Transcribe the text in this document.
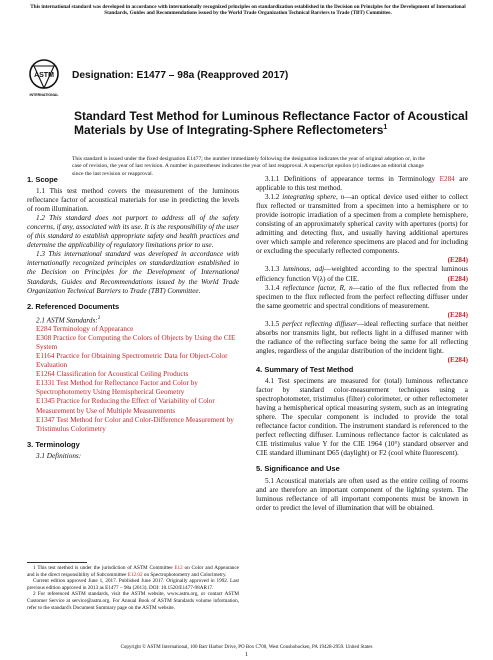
This international standard was developed in accordance with internationally recognized principles on standardization established in the Decision on Principles for the Development of International Standards, Guides and Recommendations issued by the World Trade Organization Technical Barriers to Trade (TBT) Committee.
ASTM
INTERNATIONAL
Designation: E1477 – 98a (Reapproved 2017)
Standard Test Method for Luminous Reflectance Factor of Acoustical Materials by Use of Integrating-Sphere Reflectometers$^1$
This standard is issued under the fixed designation E1477; the number immediately following the designation indicates the year of original adoption or, in the case of revision, the year of last revision. A number in parentheses indicates the year of last reapproval. A superscript epsilon (ε) indicates an editorial change since the last revision or reapproval.
1. Scope

1.1 This test method covers the measurement of the luminous reflectance factor of acoustical materials for use in predicting the levels of room illumination.

1.2 This standard does not purport to address all of the safety concerns, if any, associated with its use. It is the responsibility of the user of this standard to establish appropriate safety and health practices and determine the applicability of regulatory limitations prior to use.

1.3 This international standard was developed in accordance with internationally recognized principles on standardization established in the Decision on Principles for the Development of International Standards, Guides and Recommendations issued by the World Trade Organization Technical Barriers to Trade (TBT) Committee.

2. Referenced Documents

2.1 ASTM Standards:$^2$

E284 Terminology of Appearance
E308 Practice for Computing the Colors of Objects by Using the CIE System
E1164 Practice for Obtaining Spectrometric Data for Object-Color Evaluation
E1264 Classification for Acoustical Ceiling Products
E1331 Test Method for Reflectance Factor and Color by Spectrophotometry Using Hemispherical Geometry
E1345 Practice for Reducing the Effect of Variability of Color Measurement by Use of Multiple Measurements
E1347 Test Method for Color and Color-Difference Measurement by Tristimulus Colorimetry
3. Terminology

3.1 Definitions:

1 This test method is under the jurisdiction of ASTM Committee E12 on Color and Appearance and is the direct responsibility of Subcommittee E12.02 on Spectrophotometry and Colorimetry.

Current edition approved June 1, 2017. Published June 2017. Originally approved in 1992. Last previous edition approved in 2013 as E1477 – 98a (2013). DOI: 10.1520/E1477-98AR17.

2 For referenced ASTM standards, visit the ASTM website, www.astm.org, or contact ASTM Customer Service at service@astm.org. For Annual Book of ASTM Standards volume information, refer to the standard's Document Summary page on the ASTM website.

3.1.1 Definitions of appearance terms in Terminology E284 are applicable to this test method.

3.1.2 integrating sphere, n—an optical device used either to collect flux reflected or transmitted from a specimen into a hemisphere or to provide isotropic irradiation of a specimen from a complete hemisphere, consisting of an approximately spherical cavity with apertures (ports) for admitting and detecting flux, and usually having additional apertures over which sample and reference specimens are placed and for including or excluding the specularly reflected components.
(E284)

3.1.3 luminous, adj—weighted according to the spectral luminous efficiency function V(λ) of the CIE.	(E284)

3.1.4 reflectance factor, R, n—ratio of the flux reflected from the specimen to the flux reflected from the perfect reflecting diffuser under the same geometric and spectral conditions of measurement.
(E284)

3.1.5 perfect reflecting diffuser—ideal reflecting surface that neither absorbs nor transmits light, but reflects light in a diffused manner with the radiance of the reflecting surface being the same for all reflecting angles, regardless of the angular distribution of the incident light.
(E284)

4. Summary of Test Method

4.1 Test specimens are measured for (total) luminous reflectance factor by standard color-measurement techniques using a spectrophotometer, tristimulus (filter) colorimeter, or other reflectometer having a hemispherical optical measuring system, such as an integrating sphere. The specular component is included to provide the total reflectance factor condition. The instrument standard is referenced to the perfect reflecting diffuser. Luminous reflectance factor is calculated as CIE tristimulus value Y for the CIE 1964 (10°) standard observer and CIE standard illuminant D65 (daylight) or F2 (cool white fluorescent).

5. Significance and Use

5.1 Acoustical materials are often used as the entire ceiling of rooms and are therefore an important component of the lighting system. The luminous reflectance of all important components must be known in order to predict the level of illumination that will be obtained.

Copyright © ASTM International, 100 Barr Harbor Drive, PO Box C700, West Conshohocken, PA 19428-2959. United States
1
